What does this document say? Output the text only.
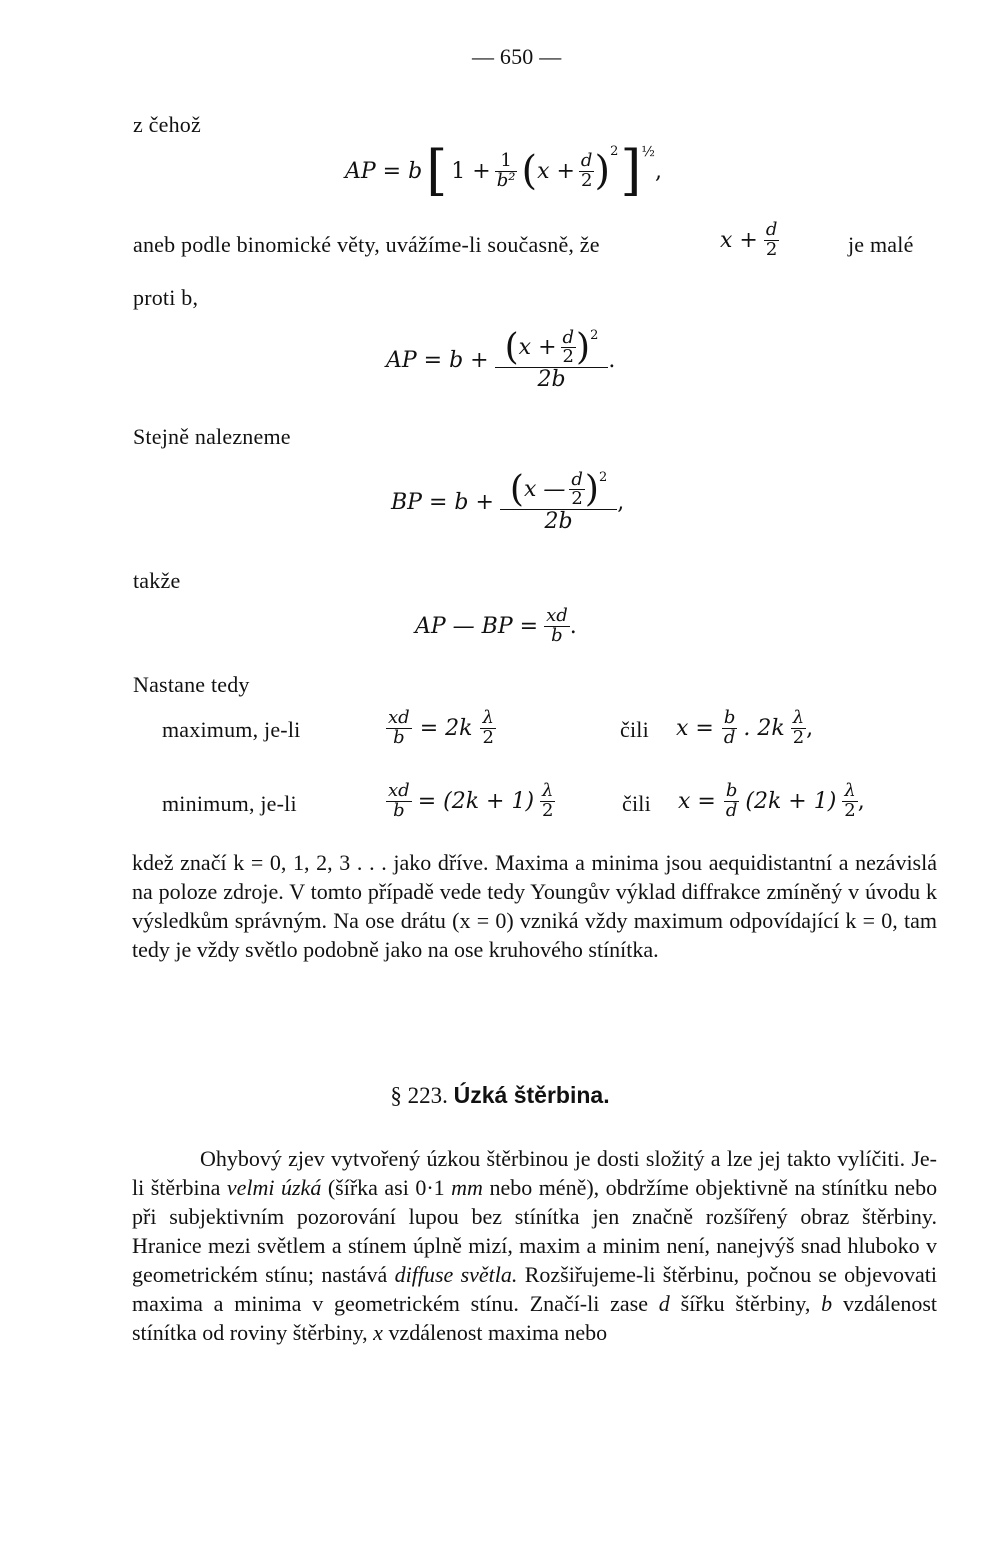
— 650 —
z čehož
AP = b [ $1 + \frac{1}{\text{b²}}$ ( $x + \frac{d}{2}$ ) 2 ] ½
,
aneb podle binomické věty, uvážíme-li současně, že	$x + \frac{d}{2}$	je malé
proti b,
AP = b + ( $x + \frac{d}{2}$ ) 2
2b
.
Stejně nalezneme
BP = b + ( x — $\frac{d}{2}$ ) 2
2b
,
takže
AP — BP = $\frac{xd}{b}$ .
Nastane tedy
maximum, je-li	$\frac{xd}{b} = 2k \frac{\lambda}{2}$	čili $x = \frac{b}{d}$ . $2k \frac{\lambda}{2}$ ,
minimum, je-li	$\frac{xd}{b} = (2k + 1) \frac{\lambda}{2}$	čili $x = \frac{b}{d} (2k + 1) \frac{\lambda}{2}$ ,

kdež značí k = 0, 1, 2, 3 . . . jako dříve. Maxima a minima jsou aequidistantní a nezávislá na poloze zdroje. V tomto případě vede tedy Youngův výklad diffrakce zmíněný v úvodu k výsledkům správným. Na ose drátu (x = 0) vzniká vždy maximum odpovídající k = 0, tam tedy je vždy světlo podobně jako na ose kruhového stínítka.

§ 223. Úzká štěrbina.

Ohybový zjev vytvořený úzkou štěrbinou je dosti složitý a lze jej takto vylíčiti. Je-li štěrbina velmi úzká (šířka asi 0·1 mm nebo méně), obdržíme objektivně na stínítku nebo při subjektivním pozorování lupou bez stínítka jen značně rozšířený obraz štěrbiny. Hranice mezi světlem a stínem úplně mizí, maxim a minim není, nanejvýš snad hluboko v geometrickém stínu; nastává diffuse světla. Rozšiřujeme-li štěrbinu, počnou se objevovati maxima a minima v geometrickém stínu. Značí-li zase d šířku štěrbiny, b vzdálenost stínítka od roviny štěrbiny, x vzdálenost maxima nebo
